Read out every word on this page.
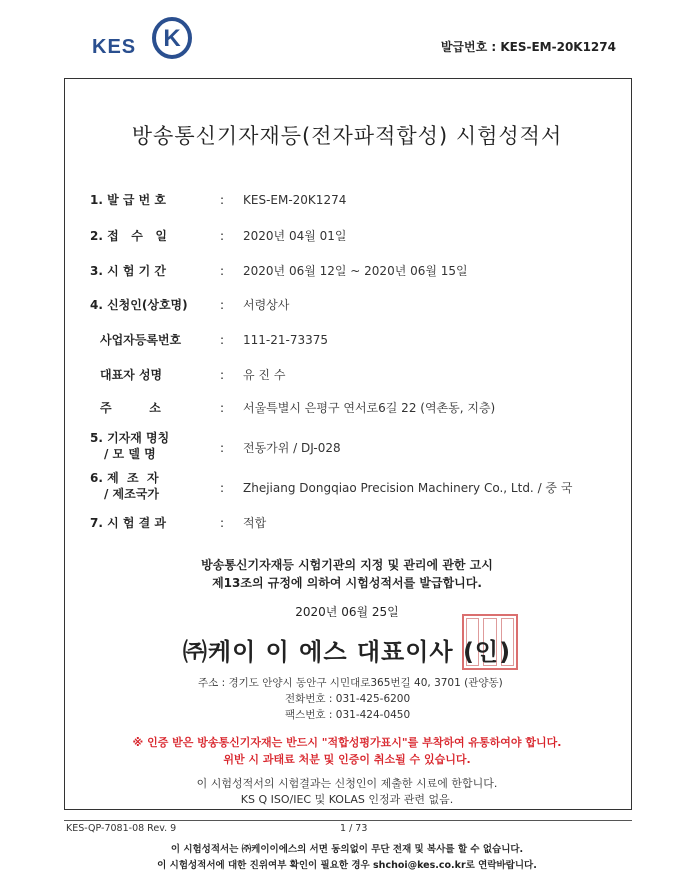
KES K	발급번호 : KES-EM-20K1274
방송통신기자재등(전자파적합성) 시험성적서
1. 발 급 번 호	: KES-EM-20K1274
2. 접   수   일	: 2020년 04월 01일
3. 시 험 기 간	: 2020년 06월 12일 ~ 2020년 06월 15일
4. 신청인(상호명)	: 서령상사
사업자등록번호	: 111-21-73375
대표자 성명	: 유 진 수
주         소	: 서울특별시 은평구 연서로6길 22 (역촌동, 지층)
5. 기자재 명칭
/ 모 델 명	: 전동가위 / DJ-028
6. 제  조  자
/ 제조국가	: Zhejiang Dongqiao Precision Machinery Co., Ltd. / 중 국
7. 시 험 결 과	: 적합
방송통신기자재등 시험기관의 지정 및 관리에 관한 고시
제13조의 규정에 의하여 시험성적서를 발급합니다.
2020년 06월 25일
㈜케이 이 에스 대표이사 (인)
주소 : 경기도 안양시 동안구 시민대로365번길 40, 3701 (관양동)
전화번호 : 031-425-6200
팩스번호 : 031-424-0450
※ 인증 받은 방송통신기자재는 반드시 "적합성평가표시"를 부착하여 유통하여야 합니다.
위반 시 과태료 처분 및 인증이 취소될 수 있습니다.
이 시험성적서의 시험결과는 신청인이 제출한 시료에 한합니다.
KS Q ISO/IEC 및 KOLAS 인정과 관련 없음.
KES-QP-7081-08 Rev. 9	1 / 73
이 시험성적서는 ㈜케이이에스의 서면 동의없이 무단 전재 및 복사를 할 수 없습니다.
이 시험성적서에 대한 진위여부 확인이 필요한 경우 shchoi@kes.co.kr로 연락바랍니다.
